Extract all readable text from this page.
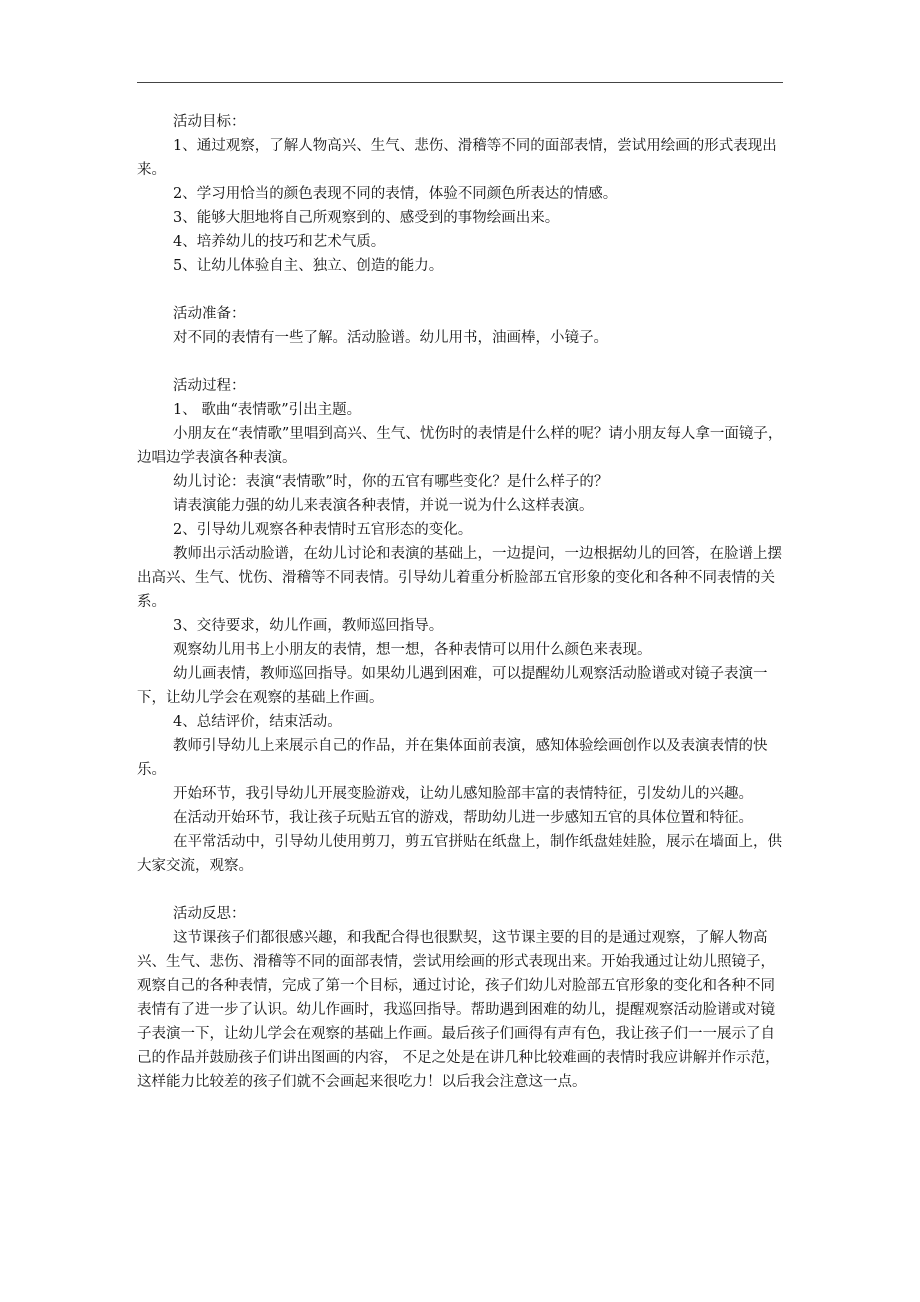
活动目标：

1、通过观察，了解人物高兴、生气、悲伤、滑稽等不同的面部表情，尝试用绘画的形式表现出来。

2、学习用恰当的颜色表现不同的表情，体验不同颜色所表达的情感。

3、能够大胆地将自己所观察到的、感受到的事物绘画出来。

4、培养幼儿的技巧和艺术气质。

5、让幼儿体验自主、独立、创造的能力。

活动准备：

对不同的表情有一些了解。活动脸谱。幼儿用书，油画棒，小镜子。

活动过程：

1、 歌曲“表情歌”引出主题。

小朋友在“表情歌”里唱到高兴、生气、忧伤时的表情是什么样的呢？请小朋友每人拿一面镜子，边唱边学表演各种表演。

幼儿讨论：表演“表情歌”时，你的五官有哪些变化？是什么样子的？

请表演能力强的幼儿来表演各种表情，并说一说为什么这样表演。

2、引导幼儿观察各种表情时五官形态的变化。

教师出示活动脸谱，在幼儿讨论和表演的基础上，一边提问，一边根据幼儿的回答，在脸谱上摆出高兴、生气、忧伤、滑稽等不同表情。引导幼儿着重分析脸部五官形象的变化和各种不同表情的关系。

3、交待要求，幼儿作画，教师巡回指导。

观察幼儿用书上小朋友的表情，想一想，各种表情可以用什么颜色来表现。

幼儿画表情，教师巡回指导。如果幼儿遇到困难，可以提醒幼儿观察活动脸谱或对镜子表演一下，让幼儿学会在观察的基础上作画。

4、总结评价，结束活动。

教师引导幼儿上来展示自己的作品，并在集体面前表演，感知体验绘画创作以及表演表情的快乐。

开始环节，我引导幼儿开展变脸游戏，让幼儿感知脸部丰富的表情特征，引发幼儿的兴趣。

在活动开始环节，我让孩子玩贴五官的游戏，帮助幼儿进一步感知五官的具体位置和特征。

在平常活动中，引导幼儿使用剪刀，剪五官拼贴在纸盘上，制作纸盘娃娃脸，展示在墙面上，供大家交流，观察。

活动反思：

这节课孩子们都很感兴趣，和我配合得也很默契，这节课主要的目的是通过观察，了解人物高兴、生气、悲伤、滑稽等不同的面部表情，尝试用绘画的形式表现出来。开始我通过让幼儿照镜子，观察自己的各种表情，完成了第一个目标，通过讨论，孩子们幼儿对脸部五官形象的变化和各种不同表情有了进一步了认识。幼儿作画时，我巡回指导。帮助遇到困难的幼儿，提醒观察活动脸谱或对镜子表演一下，让幼儿学会在观察的基础上作画。最后孩子们画得有声有色，我让孩子们一一展示了自己的作品并鼓励孩子们讲出图画的内容， 不足之处是在讲几种比较难画的表情时我应讲解并作示范，这样能力比较差的孩子们就不会画起来很吃力！以后我会注意这一点。
